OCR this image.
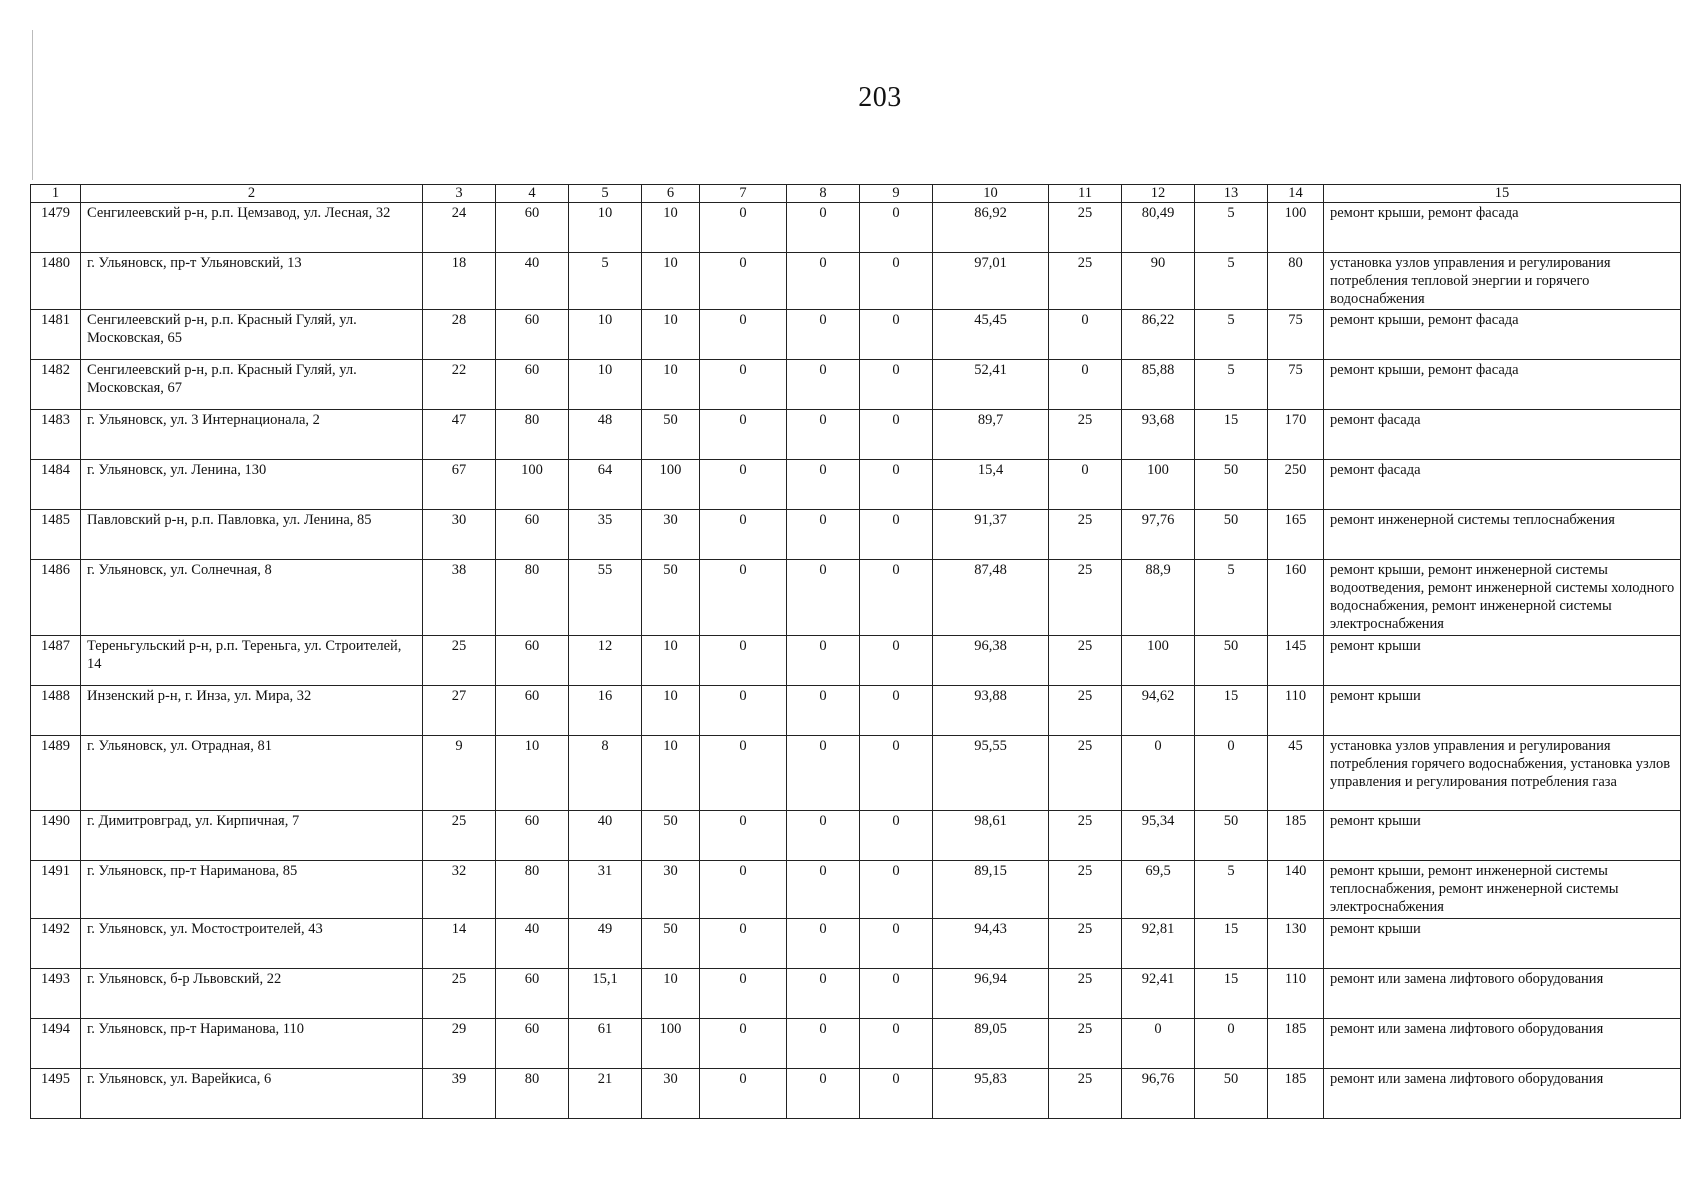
203
1	2	3	4	5	6	7	8	9	10	11	12	13	14	15
1479	Сенгилеевский р-н, р.п. Цемзавод, ул. Лесная, 32	24	60	10	10	0	0	0	86,92	25	80,49	5	100	ремонт крыши, ремонт фасада
1480	г. Ульяновск, пр-т Ульяновский, 13	18	40	5	10	0	0	0	97,01	25	90	5	80	установка узлов управления и регулирования потребления тепловой энергии и горячего водоснабжения
1481	Сенгилеевский р-н, р.п. Красный Гуляй, ул. Московская, 65	28	60	10	10	0	0	0	45,45	0	86,22	5	75	ремонт крыши, ремонт фасада
1482	Сенгилеевский р-н, р.п. Красный Гуляй, ул. Московская, 67	22	60	10	10	0	0	0	52,41	0	85,88	5	75	ремонт крыши, ремонт фасада
1483	г. Ульяновск, ул. 3 Интернационала, 2	47	80	48	50	0	0	0	89,7	25	93,68	15	170	ремонт фасада
1484	г. Ульяновск, ул. Ленина, 130	67	100	64	100	0	0	0	15,4	0	100	50	250	ремонт фасада
1485	Павловский р-н, р.п. Павловка, ул. Ленина, 85	30	60	35	30	0	0	0	91,37	25	97,76	50	165	ремонт инженерной системы теплоснабжения
1486	г. Ульяновск, ул. Солнечная, 8	38	80	55	50	0	0	0	87,48	25	88,9	5	160	ремонт крыши, ремонт инженерной системы водоотведения, ремонт инженерной системы холодного водоснабжения, ремонт инженерной системы электроснабжения
1487	Тереньгульский р-н, р.п. Тереньга, ул. Строителей, 14	25	60	12	10	0	0	0	96,38	25	100	50	145	ремонт крыши
1488	Инзенский р-н, г. Инза, ул. Мира, 32	27	60	16	10	0	0	0	93,88	25	94,62	15	110	ремонт крыши
1489	г. Ульяновск, ул. Отрадная, 81	9	10	8	10	0	0	0	95,55	25	0	0	45	установка узлов управления и регулирования потребления горячего водоснабжения, установка узлов управления и регулирования потребления газа
1490	г. Димитровград, ул. Кирпичная, 7	25	60	40	50	0	0	0	98,61	25	95,34	50	185	ремонт крыши
1491	г. Ульяновск, пр-т Нариманова, 85	32	80	31	30	0	0	0	89,15	25	69,5	5	140	ремонт крыши, ремонт инженерной системы теплоснабжения, ремонт инженерной системы электроснабжения
1492	г. Ульяновск, ул. Мостостроителей, 43	14	40	49	50	0	0	0	94,43	25	92,81	15	130	ремонт крыши
1493	г. Ульяновск, б-р Львовский, 22	25	60	15,1	10	0	0	0	96,94	25	92,41	15	110	ремонт или замена лифтового оборудования
1494	г. Ульяновск, пр-т Нариманова, 110	29	60	61	100	0	0	0	89,05	25	0	0	185	ремонт или замена лифтового оборудования
1495	г. Ульяновск, ул. Варейкиса, 6	39	80	21	30	0	0	0	95,83	25	96,76	50	185	ремонт или замена лифтового оборудования
